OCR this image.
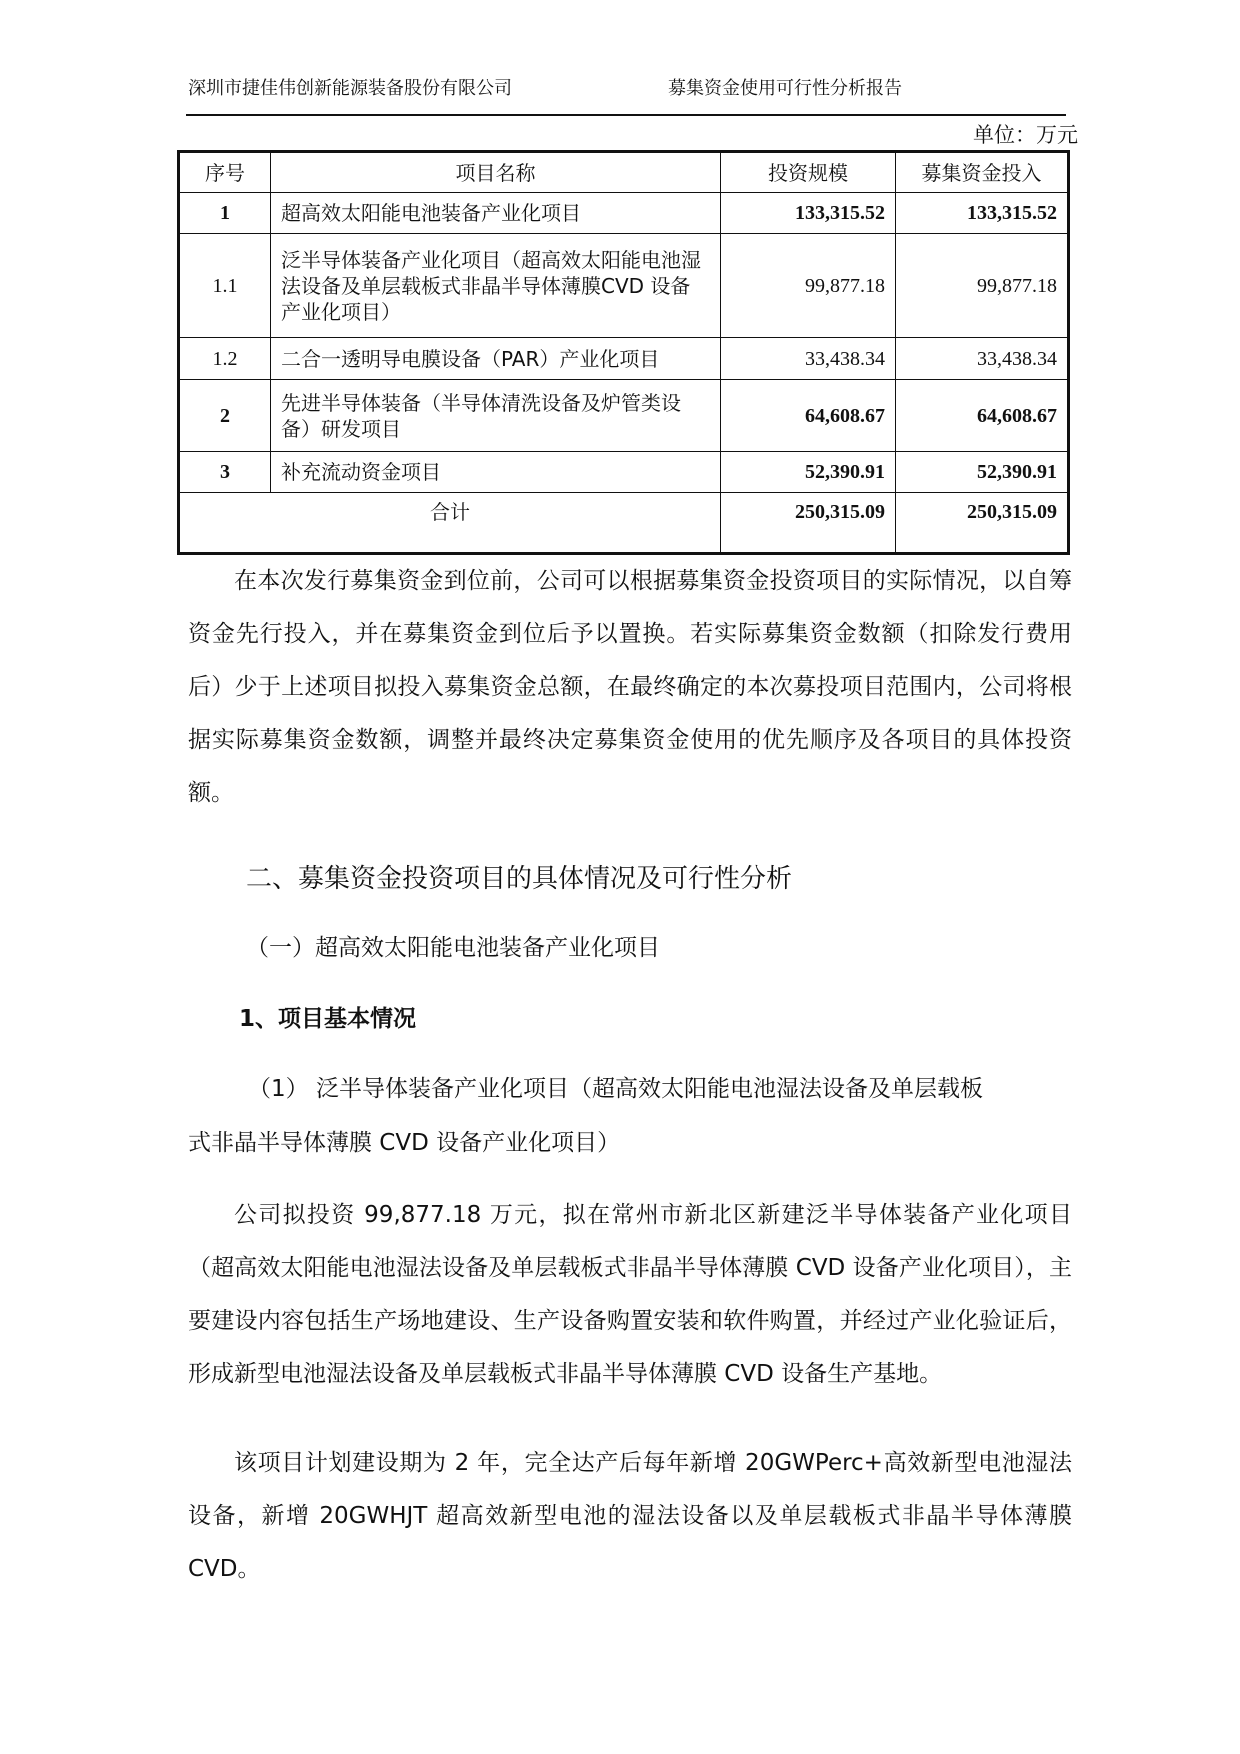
深圳市捷佳伟创新能源装备股份有限公司	募集资金使用可行性分析报告
单位：万元
序号	项目名称	投资规模	募集资金投入
1	超高效太阳能电池装备产业化项目	133,315.52	133,315.52
1.1	泛半导体装备产业化项目（超高效太阳能电池湿法设备及单层载板式非晶半导体薄膜CVD 设备产业化项目）	99,877.18	99,877.18
1.2	二合一透明导电膜设备（PAR）产业化项目	33,438.34	33,438.34
2	先进半导体装备（半导体清洗设备及炉管类设备）研发项目	64,608.67	64,608.67
3	补充流动资金项目	52,390.91	52,390.91
合计		250,315.09	250,315.09

在本次发行募集资金到位前，公司可以根据募集资金投资项目的实际情况，以自筹资金先行投入，并在募集资金到位后予以置换。若实际募集资金数额（扣除发行费用后）少于上述项目拟投入募集资金总额，在最终确定的本次募投项目范围内，公司将根据实际募集资金数额，调整并最终决定募集资金使用的优先顺序及各项目的具体投资额。

二、募集资金投资项目的具体情况及可行性分析
（一）超高效太阳能电池装备产业化项目
1、项目基本情况
（1） 泛半导体装备产业化项目（超高效太阳能电池湿法设备及单层载板
式非晶半导体薄膜 CVD 设备产业化项目）

公司拟投资 99,877.18 万元，拟在常州市新北区新建泛半导体装备产业化项目（超高效太阳能电池湿法设备及单层载板式非晶半导体薄膜 CVD 设备产业化项目），主要建设内容包括生产场地建设、生产设备购置安装和软件购置，并经过产业化验证后，形成新型电池湿法设备及单层载板式非晶半导体薄膜 CVD 设备生产基地。

该项目计划建设期为 2 年，完全达产后每年新增 20GWPerc+高效新型电池湿法设备，新增 20GWHJT 超高效新型电池的湿法设备以及单层载板式非晶半导体薄膜 CVD。
